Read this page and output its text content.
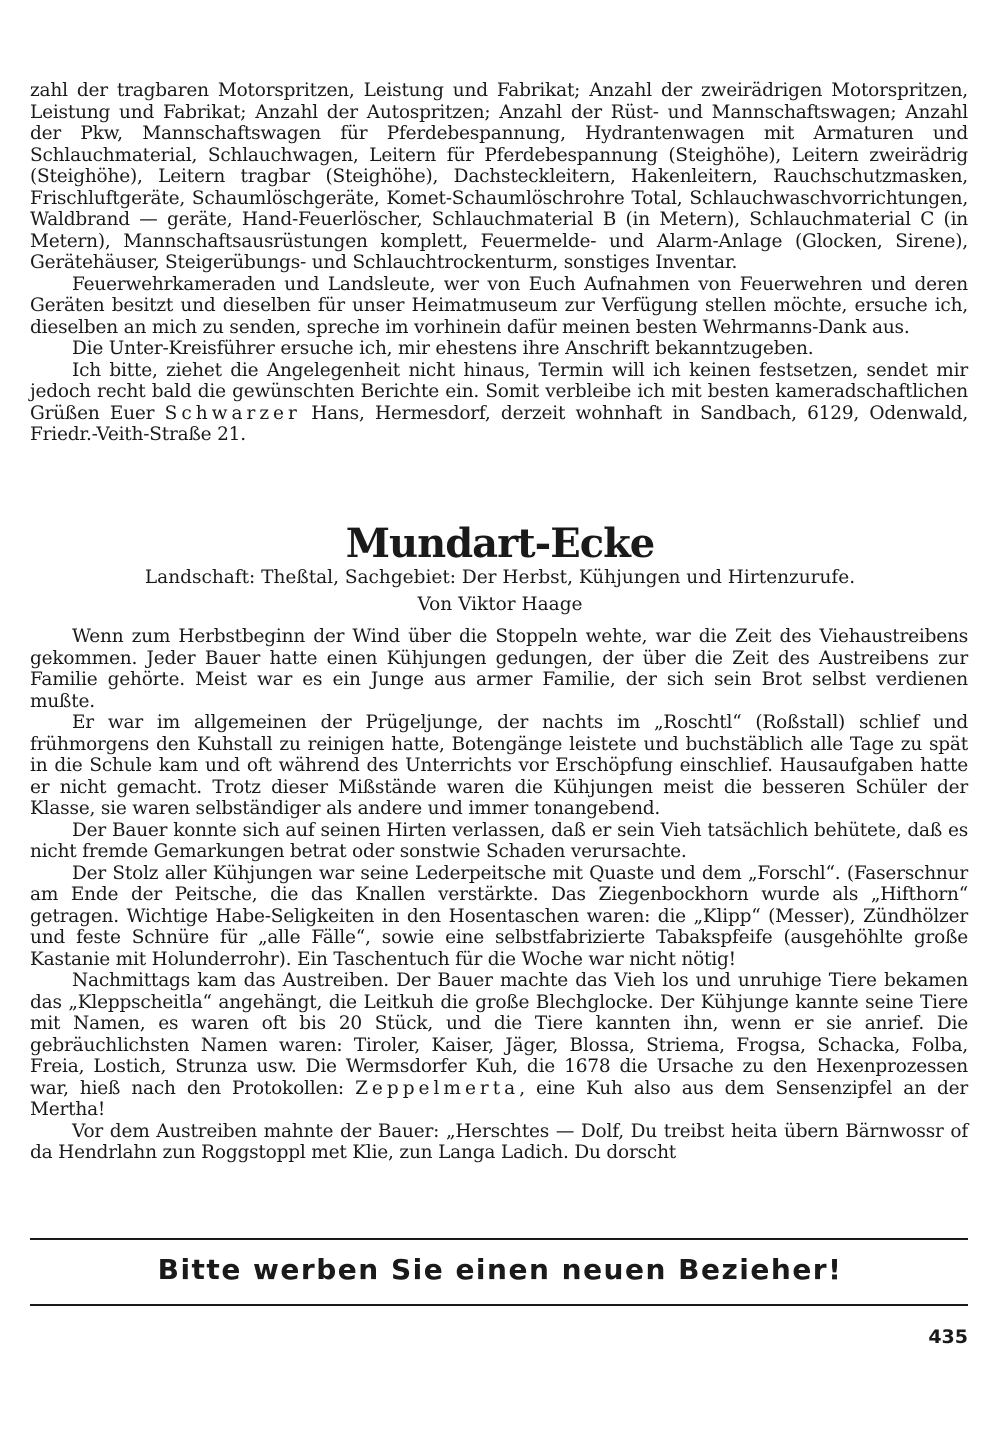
zahl der tragbaren Motorspritzen, Leistung und Fabrikat; Anzahl der zweirädrigen Motorspritzen, Leistung und Fabrikat; Anzahl der Autospritzen; Anzahl der Rüst- und Mannschaftswagen; Anzahl der Pkw, Mannschaftswagen für Pferdebespannung, Hydrantenwagen mit Armaturen und Schlauchmaterial, Schlauchwagen, Leitern für Pferdebespannung (Steighöhe), Leitern zweirädrig (Steighöhe), Leitern tragbar (Steighöhe), Dachsteckleitern, Hakenleitern, Rauchschutzmasken, Frischluftgeräte, Schaumlöschgeräte, Komet-Schaumlöschrohre Total, Schlauchwaschvorrichtungen, Waldbrand — geräte, Hand-Feuerlöscher, Schlauchmaterial B (in Metern), Schlauchmaterial C (in Metern), Mannschaftsausrüstungen komplett, Feuermelde- und Alarm-Anlage (Glocken, Sirene), Gerätehäuser, Steigerübungs- und Schlauchtrockenturm, sonstiges Inventar.

Feuerwehrkameraden und Landsleute, wer von Euch Aufnahmen von Feuerwehren und deren Geräten besitzt und dieselben für unser Heimatmuseum zur Verfügung stellen möchte, ersuche ich, dieselben an mich zu senden, spreche im vorhinein dafür meinen besten Wehrmanns-Dank aus.

Die Unter-Kreisführer ersuche ich, mir ehestens ihre Anschrift bekanntzugeben.

Ich bitte, ziehet die Angelegenheit nicht hinaus, Termin will ich keinen festsetzen, sendet mir jedoch recht bald die gewünschten Berichte ein. Somit verbleibe ich mit besten kameradschaftlichen Grüßen Euer Schwarzer Hans, Hermesdorf, derzeit wohnhaft in Sandbach, 6129, Odenwald, Friedr.-Veith-Straße 21.

Mundart-Ecke
Landschaft: Theßtal, Sachgebiet: Der Herbst, Kühjungen und Hirtenzurufe.
Von Viktor Haage

Wenn zum Herbstbeginn der Wind über die Stoppeln wehte, war die Zeit des Viehaustreibens gekommen. Jeder Bauer hatte einen Kühjungen gedungen, der über die Zeit des Austreibens zur Familie gehörte. Meist war es ein Junge aus armer Familie, der sich sein Brot selbst verdienen mußte.

Er war im allgemeinen der Prügeljunge, der nachts im „Roschtl“ (Roßstall) schlief und frühmorgens den Kuhstall zu reinigen hatte, Botengänge leistete und buchstäblich alle Tage zu spät in die Schule kam und oft während des Unterrichts vor Erschöpfung einschlief. Hausaufgaben hatte er nicht gemacht. Trotz dieser Mißstände waren die Kühjungen meist die besseren Schüler der Klasse, sie waren selbständiger als andere und immer tonangebend.

Der Bauer konnte sich auf seinen Hirten verlassen, daß er sein Vieh tatsächlich behütete, daß es nicht fremde Gemarkungen betrat oder sonstwie Schaden verursachte.

Der Stolz aller Kühjungen war seine Lederpeitsche mit Quaste und dem „Forschl“. (Faserschnur am Ende der Peitsche, die das Knallen verstärkte. Das Ziegenbockhorn wurde als „Hifthorn“ getragen. Wichtige Habe-Seligkeiten in den Hosentaschen waren: die „Klipp“ (Messer), Zündhölzer und feste Schnüre für „alle Fälle“, sowie eine selbstfabrizierte Tabakspfeife (ausgehöhlte große Kastanie mit Holunderrohr). Ein Taschentuch für die Woche war nicht nötig!

Nachmittags kam das Austreiben. Der Bauer machte das Vieh los und unruhige Tiere bekamen das „Kleppscheitla“ angehängt, die Leitkuh die große Blechglocke. Der Kühjunge kannte seine Tiere mit Namen, es waren oft bis 20 Stück, und die Tiere kannten ihn, wenn er sie anrief. Die gebräuchlichsten Namen waren: Tiroler, Kaiser, Jäger, Blossa, Striema, Frogsa, Schacka, Folba, Freia, Lostich, Strunza usw. Die Wermsdorfer Kuh, die 1678 die Ursache zu den Hexenprozessen war, hieß nach den Protokollen: Zeppelmerta, eine Kuh also aus dem Sensenzipfel an der Mertha!

Vor dem Austreiben mahnte der Bauer: „Herschtes — Dolf, Du treibst heita übern Bärnwossr of da Hendrlahn zun Roggstoppl met Klie, zun Langa Ladich. Du dorscht

Bitte werben Sie einen neuen Bezieher!
435
